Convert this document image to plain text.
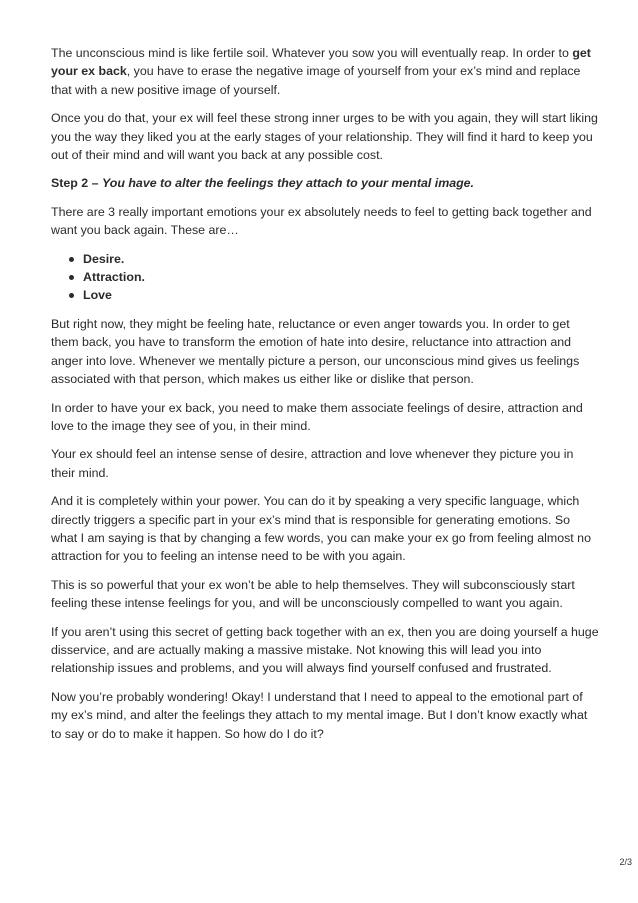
The unconscious mind is like fertile soil. Whatever you sow you will eventually reap. In order to get your ex back, you have to erase the negative image of yourself from your ex’s mind and replace that with a new positive image of yourself.

Once you do that, your ex will feel these strong inner urges to be with you again, they will start liking you the way they liked you at the early stages of your relationship. They will find it hard to keep you out of their mind and will want you back at any possible cost.

Step 2 – You have to alter the feelings they attach to your mental image.

There are 3 really important emotions your ex absolutely needs to feel to getting back together and want you back again. These are…

Desire.
Attraction.
Love

But right now, they might be feeling hate, reluctance or even anger towards you. In order to get them back, you have to transform the emotion of hate into desire, reluctance into attraction and anger into love. Whenever we mentally picture a person, our unconscious mind gives us feelings associated with that person, which makes us either like or dislike that person.

In order to have your ex back, you need to make them associate feelings of desire, attraction and love to the image they see of you, in their mind.

Your ex should feel an intense sense of desire, attraction and love whenever they picture you in their mind.

And it is completely within your power. You can do it by speaking a very specific language, which directly triggers a specific part in your ex’s mind that is responsible for generating emotions. So what I am saying is that by changing a few words, you can make your ex go from feeling almost no attraction for you to feeling an intense need to be with you again.

This is so powerful that your ex won’t be able to help themselves. They will subconsciously start feeling these intense feelings for you, and will be unconsciously compelled to want you again.

If you aren’t using this secret of getting back together with an ex, then you are doing yourself a huge disservice, and are actually making a massive mistake. Not knowing this will lead you into relationship issues and problems, and you will always find yourself confused and frustrated.

Now you’re probably wondering! Okay! I understand that I need to appeal to the emotional part of my ex’s mind, and alter the feelings they attach to my mental image. But I don’t know exactly what to say or do to make it happen. So how do I do it?

2/3
